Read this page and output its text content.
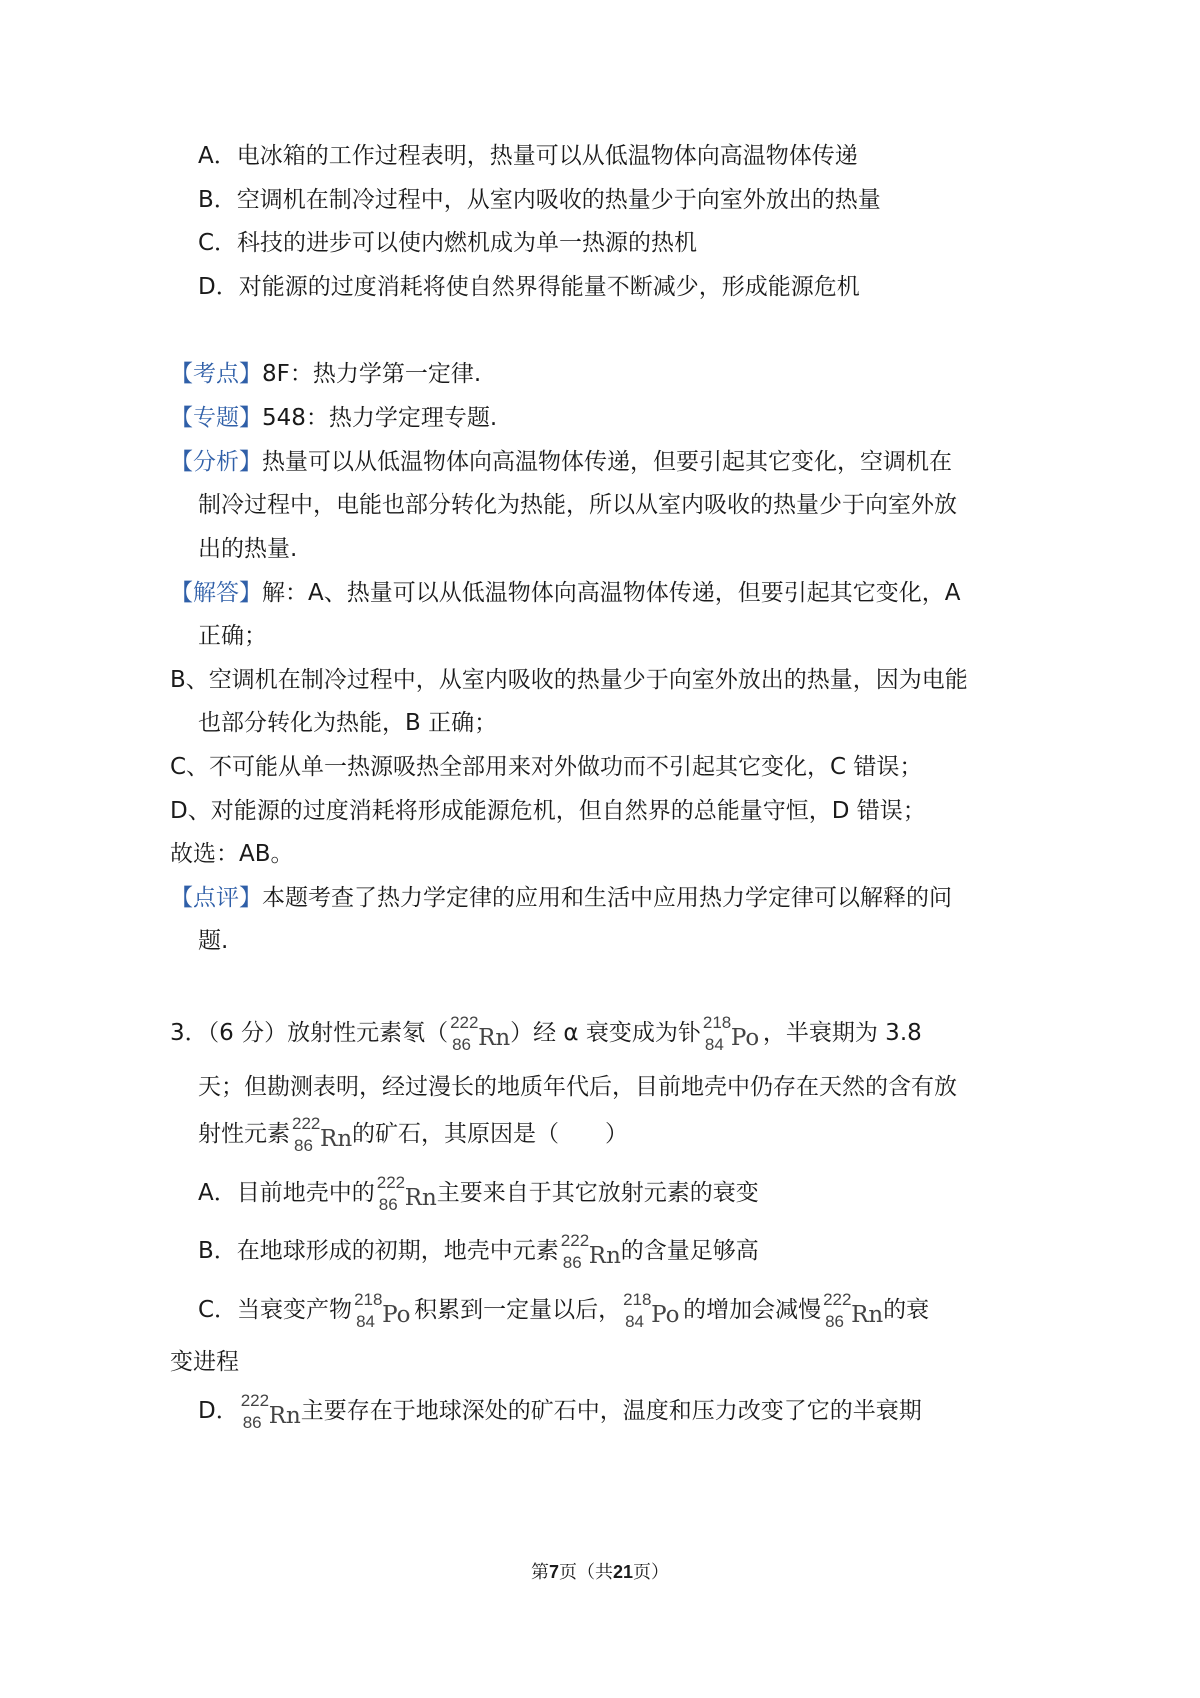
A．电冰箱的工作过程表明，热量可以从低温物体向高温物体传递
B．空调机在制冷过程中，从室内吸收的热量少于向室外放出的热量
C．科技的进步可以使内燃机成为单一热源的热机
D．对能源的过度消耗将使自然界得能量不断减少，形成能源危机
【考点】8F：热力学第一定律.
【专题】548：热力学定理专题.
【分析】热量可以从低温物体向高温物体传递，但要引起其它变化，空调机在
制冷过程中，电能也部分转化为热能，所以从室内吸收的热量少于向室外放
出的热量.
【解答】解：A、热量可以从低温物体向高温物体传递，但要引起其它变化，A
正确；
B、空调机在制冷过程中，从室内吸收的热量少于向室外放出的热量，因为电能
也部分转化为热能，B 正确；
C、不可能从单一热源吸热全部用来对外做功而不引起其它变化，C 错误；
D、对能源的过度消耗将形成能源危机，但自然界的总能量守恒，D 错误；
故选：AB。
【点评】本题考查了热力学定律的应用和生活中应用热力学定律可以解释的问
题.
3．（6 分）放射性元素氡（ 222
86 Rn ）经 α 衰变成为钋 218
84 Po ，半衰期为 3.8
天；但勘测表明，经过漫长的地质年代后，目前地壳中仍存在天然的含有放
射性元素 222
86 Rn 的矿石，其原因是（　　）
A．目前地壳中的 222
86 Rn 主要来自于其它放射元素的衰变
B．在地球形成的初期，地壳中元素 222
86 Rn 的含量足够高
C．当衰变产物 218
84 Po 积累到一定量以后， 218
84 Po 的增加会减慢 222
86 Rn 的衰
变进程
D． 222
86 Rn 主要存在于地球深处的矿石中，温度和压力改变了它的半衰期
第7页（共21页）
